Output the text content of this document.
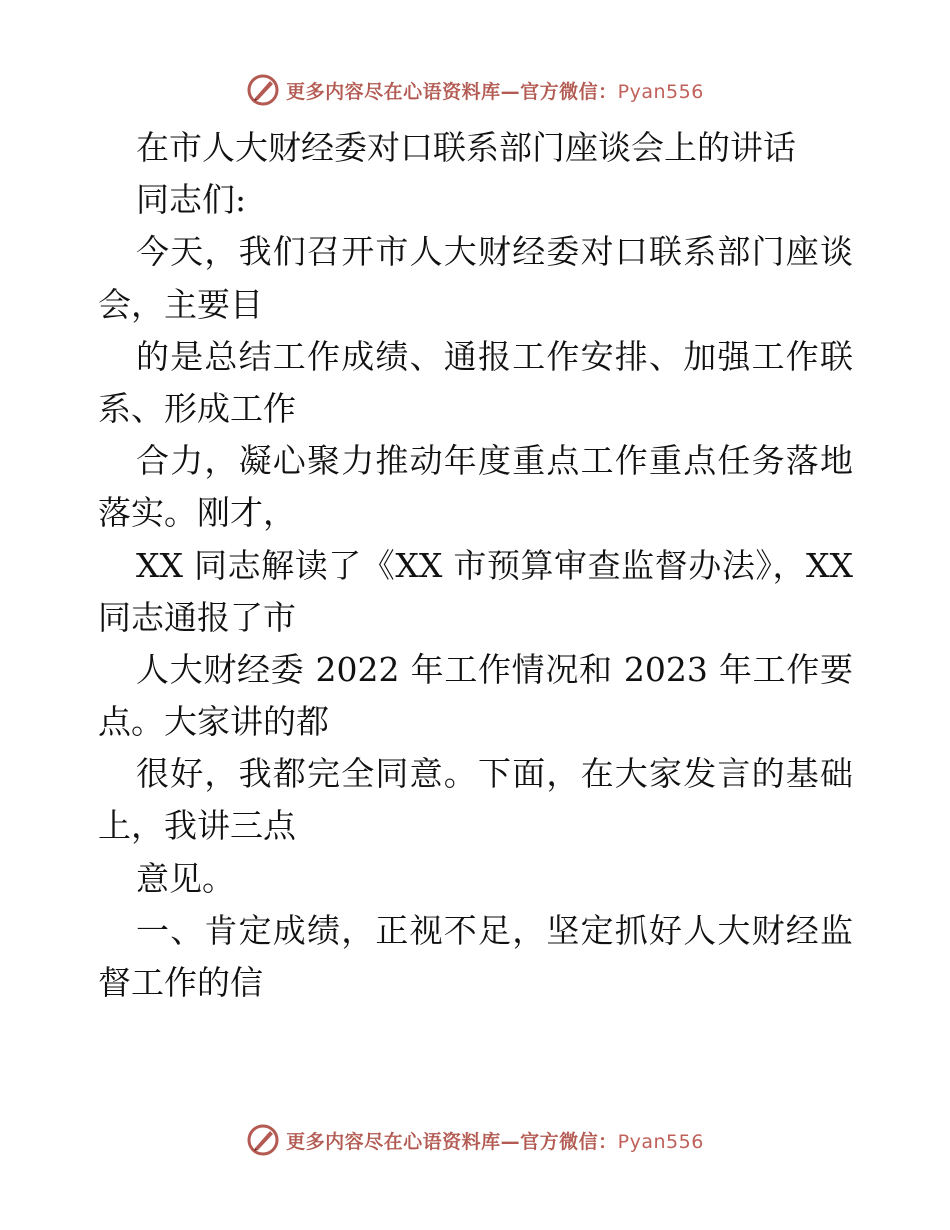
更多内容尽在心语资料库—官方微信：Pyan556
在市人大财经委对口联系部门座谈会上的讲话
同志们:
今天，我们召开市人大财经委对口联系部门座谈
会，主要目
的是总结工作成绩、通报工作安排、加强工作联
系、形成工作
合力，凝心聚力推动年度重点工作重点任务落地
落实。刚才，
XX 同志解读了《XX 市预算审查监督办法》，XX
同志通报了市
人大财经委 2022 年工作情况和 2023 年工作要
点。大家讲的都
很好，我都完全同意。下面，在大家发言的基础
上，我讲三点
意见。
一、肯定成绩，正视不足，坚定抓好人大财经监
督工作的信
更多内容尽在心语资料库—官方微信：Pyan556
